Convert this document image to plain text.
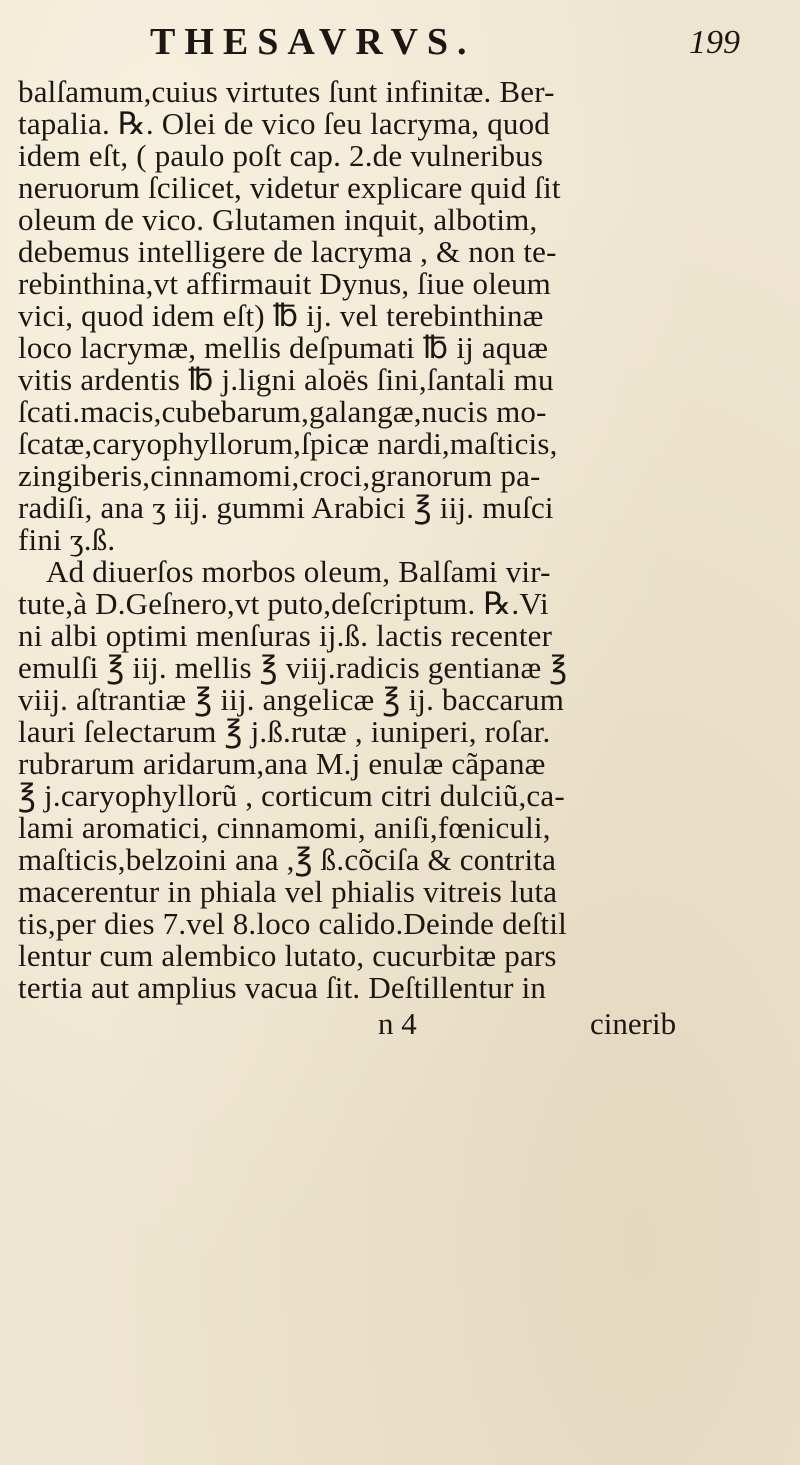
THESAVRVS.	199
balſamum,cuius virtutes ſunt infinitæ. Ber-
tapalia. ℞. Olei de vico ſeu lacryma, quod
idem eſt, ( paulo poſt cap. 2.de vulneribus
neruorum ſcilicet, videtur explicare quid ſit
oleum de vico. Glutamen inquit, albotim,
debemus intelligere de lacryma , & non te-
rebinthina,vt affirmauit Dynus, ſiue oleum
vici, quod idem eſt) ℔ ij. vel terebinthinæ
loco lacrymæ, mellis deſpumati ℔ ij aquæ
vitis ardentis ℔ j.ligni aloës ſini,ſantali mu
ſcati.macis,cubebarum,galangæ,nucis mo-
ſcatæ,caryophyllorum,ſpicæ nardi,maſticis,
zingiberis,cinnamomi,croci,granorum pa-
radiſi, ana ʒ iij. gummi Arabici ℥ iij. muſci
fini ʒ.ß.
Ad diuerſos morbos oleum, Balſami vir-
tute,à D.Geſnero,vt puto,deſcriptum. ℞.Vi
ni albi optimi menſuras ij.ß. lactis recenter
emulſi ℥ iij. mellis ℥ viij.radicis gentianæ ℥
viij. aſtrantiæ ℥ iij. angelicæ ℥ ij. baccarum
lauri ſelectarum ℥ j.ß.rutæ , iuniperi, roſar.
rubrarum aridarum,ana M.j enulæ cãpanæ
℥ j.caryophyllorũ , corticum citri dulciũ,ca-
lami aromatici, cinnamomi, aniſi,fœniculi,
maſticis,belzoini ana ,℥ ß.cõciſa & contrita
macerentur in phiala vel phialis vitreis luta
tis,per dies 7.vel 8.loco calido.Deinde deſtil
lentur cum alembico lutato, cucurbitæ pars
tertia aut amplius vacua ſit. Deſtillentur in
n 4	cinerib
